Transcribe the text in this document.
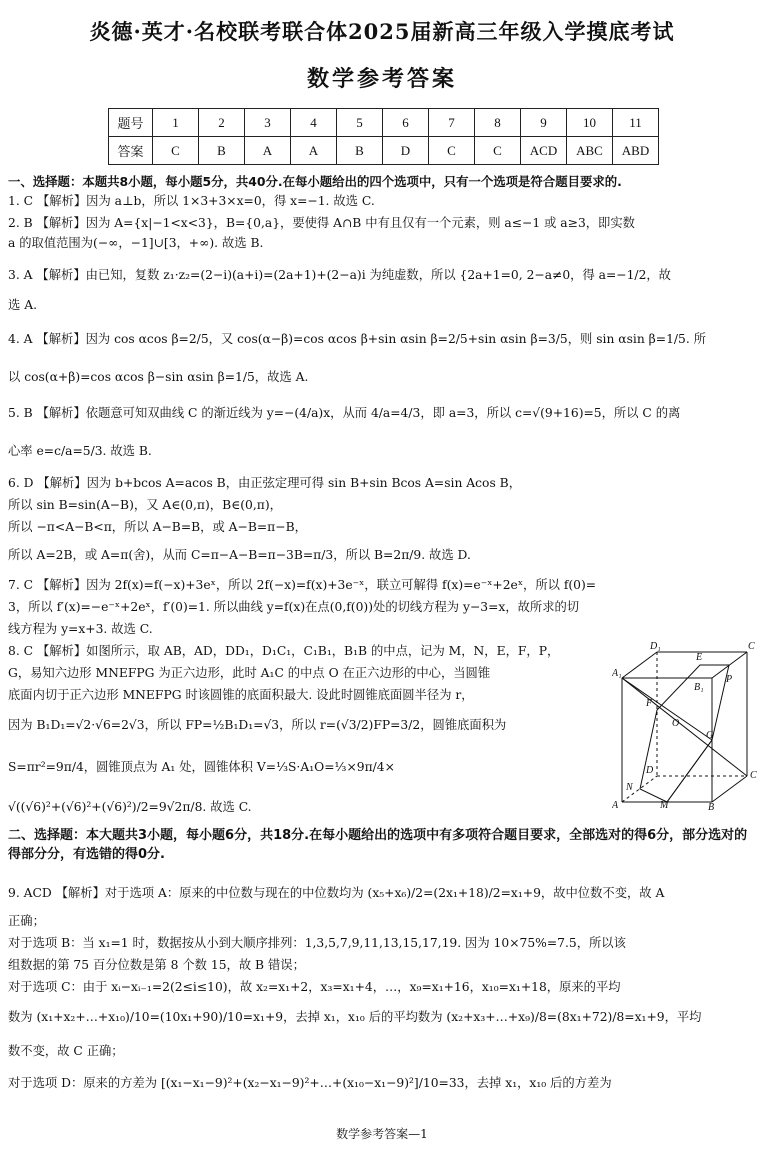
炎德·英才·名校联考联合体2025届新高三年级入学摸底考试
数学参考答案
题号	1	2	3	4	5	6	7	8	9	10	11
答案	C	B	A	A	B	D	C	C	ACD	ABC	ABD
一、选择题：本题共8小题，每小题5分，共40分.在每小题给出的四个选项中，只有一个选项是符合题目要求的.
1. C 【解析】因为 a⊥b，所以 1×3+3×x=0，得 x=−1. 故选 C.
2. B 【解析】因为 A={x|−1<x<3}，B={0,a}，要使得 A∩B 中有且仅有一个元素，则 a≤−1 或 a≥3，即实数
a 的取值范围为(−∞，−1]∪[3，+∞). 故选 B.
3. A 【解析】由已知，复数 z₁·z₂=(2−i)(a+i)=(2a+1)+(2−a)i 为纯虚数，所以 {2a+1=0, 2−a≠0，得 a=−1/2，故
选 A.
4. A 【解析】因为 cos αcos β=2/5，又 cos(α−β)=cos αcos β+sin αsin β=2/5+sin αsin β=3/5，则 sin αsin β=1/5. 所
以 cos(α+β)=cos αcos β−sin αsin β=1/5，故选 A.
5. B 【解析】依题意可知双曲线 C 的渐近线为 y=−(4/a)x，从而 4/a=4/3，即 a=3，所以 c=√(9+16)=5，所以 C 的离
心率 e=c/a=5/3. 故选 B.
6. D 【解析】因为 b+bcos A=acos B，由正弦定理可得 sin B+sin Bcos A=sin Acos B，
所以 sin B=sin(A−B)，又 A∈(0,π)，B∈(0,π)，
所以 −π<A−B<π，所以 A−B=B，或 A−B=π−B，
所以 A=2B，或 A=π(舍)，从而 C=π−A−B=π−3B=π/3，所以 B=2π/9. 故选 D.
7. C 【解析】因为 2f(x)=f(−x)+3eˣ，所以 2f(−x)=f(x)+3e⁻ˣ，联立可解得 f(x)=e⁻ˣ+2eˣ，所以 f(0)=
3，所以 f′(x)=−e⁻ˣ+2eˣ，f′(0)=1. 所以曲线 y=f(x)在点(0,f(0))处的切线方程为 y−3=x，故所求的切
线方程为 y=x+3. 故选 C.
8. C 【解析】如图所示，取 AB，AD，DD₁，D₁C₁，C₁B₁，B₁B 的中点，记为 M，N，E，F，P，
G，易知六边形 MNEFPG 为正六边形，此时 A₁C 的中点 O 在正六边形的中心，当圆锥
底面内切于正六边形 MNEFPG 时该圆锥的底面积最大. 设此时圆锥底面圆半径为 r，
因为 B₁D₁=√2·√6=2√3，所以 FP=½B₁D₁=√3，所以 r=(√3/2)FP=3/2，圆锥底面积为
S=πr²=9π/4，圆锥顶点为 A₁ 处，圆锥体积 V=⅓S·A₁O=⅓×9π/4×
√((√6)²+(√6)²+(√6)²)/2=9√2π/8. 故选 C.
D₁
E
C
A₁
F
B₁
P
O
G
N
D	C
A	M	B
二、选择题：本大题共3小题，每小题6分，共18分.在每小题给出的选项中有多项符合题目要求，全部选对的得6分，部分选对的得部分分，有选错的得0分.
9. ACD 【解析】对于选项 A：原来的中位数与现在的中位数均为 (x₅+x₆)/2=(2x₁+18)/2=x₁+9，故中位数不变，故 A
正确；
对于选项 B：当 x₁=1 时，数据按从小到大顺序排列：1,3,5,7,9,11,13,15,17,19. 因为 10×75%=7.5，所以该
组数据的第 75 百分位数是第 8 个数 15，故 B 错误；
对于选项 C：由于 xᵢ−xᵢ₋₁=2(2≤i≤10)，故 x₂=x₁+2，x₃=x₁+4，…，x₉=x₁+16，x₁₀=x₁+18，原来的平均
数为 (x₁+x₂+…+x₁₀)/10=(10x₁+90)/10=x₁+9，去掉 x₁，x₁₀ 后的平均数为 (x₂+x₃+…+x₉)/8=(8x₁+72)/8=x₁+9，平均
数不变，故 C 正确；
对于选项 D：原来的方差为 [(x₁−x₁−9)²+(x₂−x₁−9)²+…+(x₁₀−x₁−9)²]/10=33，去掉 x₁，x₁₀ 后的方差为
数学参考答案—1
